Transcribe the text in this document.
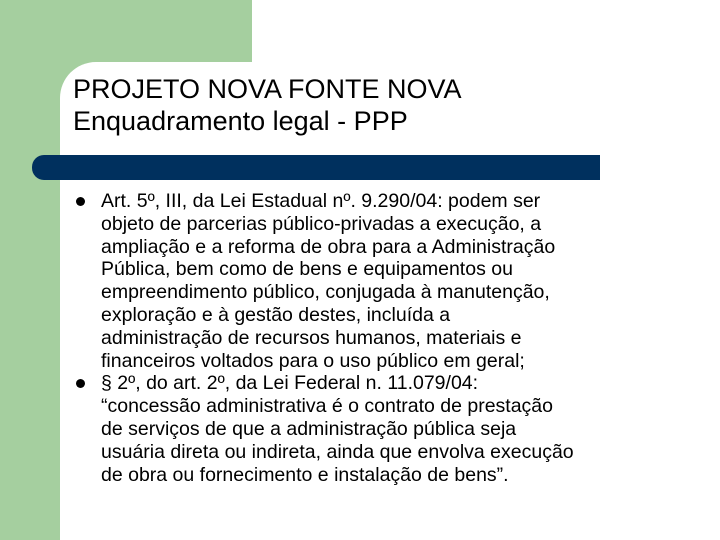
PROJETO NOVA FONTE NOVA
Enquadramento legal - PPP
Art. 5º, III, da Lei Estadual nº. 9.290/04: podem ser
objeto de parcerias público-privadas a execução, a
ampliação e a reforma de obra para a Administração
Pública, bem como de bens e equipamentos ou
empreendimento público, conjugada à manutenção,
exploração e à gestão destes, incluída a
administração de recursos humanos, materiais e
financeiros voltados para o uso público em geral;
§ 2º, do art. 2º, da Lei Federal n. 11.079/04:
“concessão administrativa é o contrato de prestação
de serviços de que a administração pública seja
usuária direta ou indireta, ainda que envolva execução
de obra ou fornecimento e instalação de bens”.
